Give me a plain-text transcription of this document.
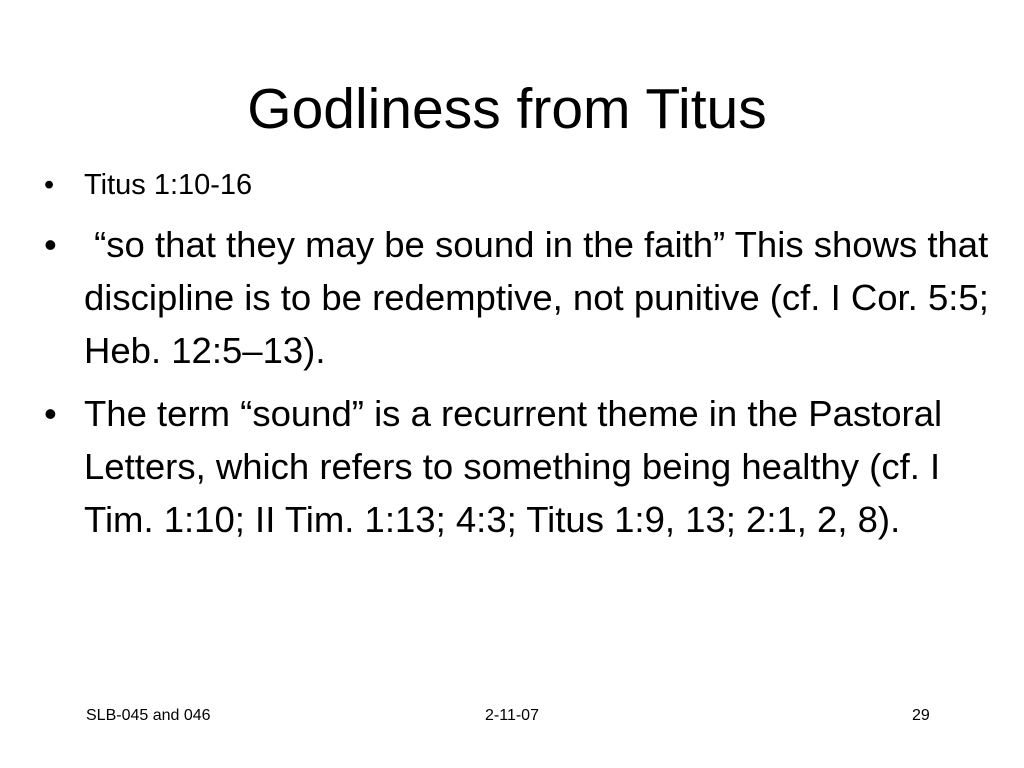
Godliness from Titus
• Titus 1:10-16
• “so that they may be sound in the faith” This shows that discipline is to be redemptive, not punitive (cf. I Cor. 5:5; Heb. 12:5–13).
• The term “sound” is a recurrent theme in the Pastoral Letters, which refers to something being healthy (cf. I Tim. 1:10; II Tim. 1:13; 4:3; Titus 1:9, 13; 2:1, 2, 8).
SLB-045 and 046	2-11-07	29
